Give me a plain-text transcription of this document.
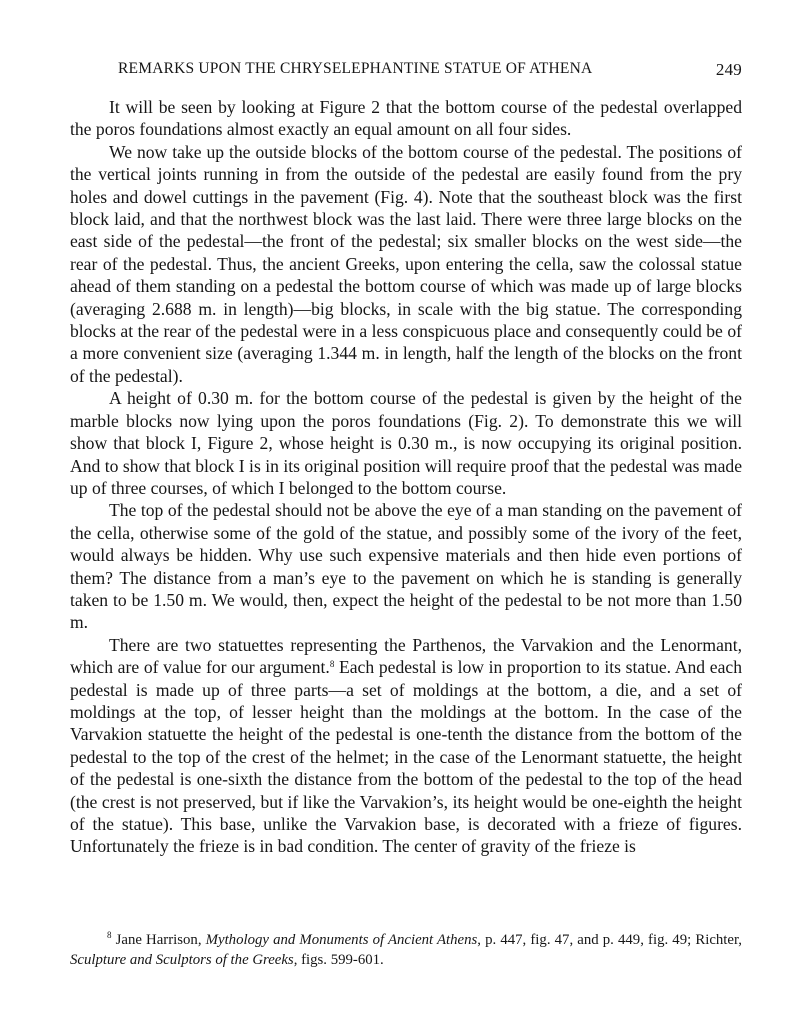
REMARKS UPON THE CHRYSELEPHANTINE STATUE OF ATHENA	249

It will be seen by looking at Figure 2 that the bottom course of the pedestal overlapped the poros foundations almost exactly an equal amount on all four sides.

We now take up the outside blocks of the bottom course of the pedestal. The positions of the vertical joints running in from the outside of the pedestal are easily found from the pry holes and dowel cuttings in the pavement (Fig. 4). Note that the southeast block was the first block laid, and that the northwest block was the last laid. There were three large blocks on the east side of the pedestal—the front of the pedestal; six smaller blocks on the west side—the rear of the pedestal. Thus, the ancient Greeks, upon entering the cella, saw the colossal statue ahead of them standing on a pedestal the bottom course of which was made up of large blocks (averaging 2.688 m. in length)—big blocks, in scale with the big statue. The corresponding blocks at the rear of the pedestal were in a less conspicuous place and consequently could be of a more convenient size (averaging 1.344 m. in length, half the length of the blocks on the front of the pedestal).

A height of 0.30 m. for the bottom course of the pedestal is given by the height of the marble blocks now lying upon the poros foundations (Fig. 2). To demonstrate this we will show that block I, Figure 2, whose height is 0.30 m., is now occupying its original position. And to show that block I is in its original position will require proof that the pedestal was made up of three courses, of which I belonged to the bottom course.

The top of the pedestal should not be above the eye of a man standing on the pavement of the cella, otherwise some of the gold of the statue, and possibly some of the ivory of the feet, would always be hidden. Why use such expensive materials and then hide even portions of them? The distance from a man’s eye to the pavement on which he is standing is generally taken to be 1.50 m. We would, then, expect the height of the pedestal to be not more than 1.50 m.

There are two statuettes representing the Parthenos, the Varvakion and the Lenormant, which are of value for our argument.$^8$ Each pedestal is low in proportion to its statue. And each pedestal is made up of three parts—a set of moldings at the bottom, a die, and a set of moldings at the top, of lesser height than the moldings at the bottom. In the case of the Varvakion statuette the height of the pedestal is one-tenth the distance from the bottom of the pedestal to the top of the crest of the helmet; in the case of the Lenormant statuette, the height of the pedestal is one-sixth the distance from the bottom of the pedestal to the top of the head (the crest is not preserved, but if like the Varvakion’s, its height would be one-eighth the height of the statue). This base, unlike the Varvakion base, is decorated with a frieze of figures. Unfortunately the frieze is in bad condition. The center of gravity of the frieze is

$^8$ Jane Harrison, Mythology and Monuments of Ancient Athens, p. 447, fig. 47, and p. 449, fig. 49; Richter, Sculpture and Sculptors of the Greeks, figs. 599-601.
